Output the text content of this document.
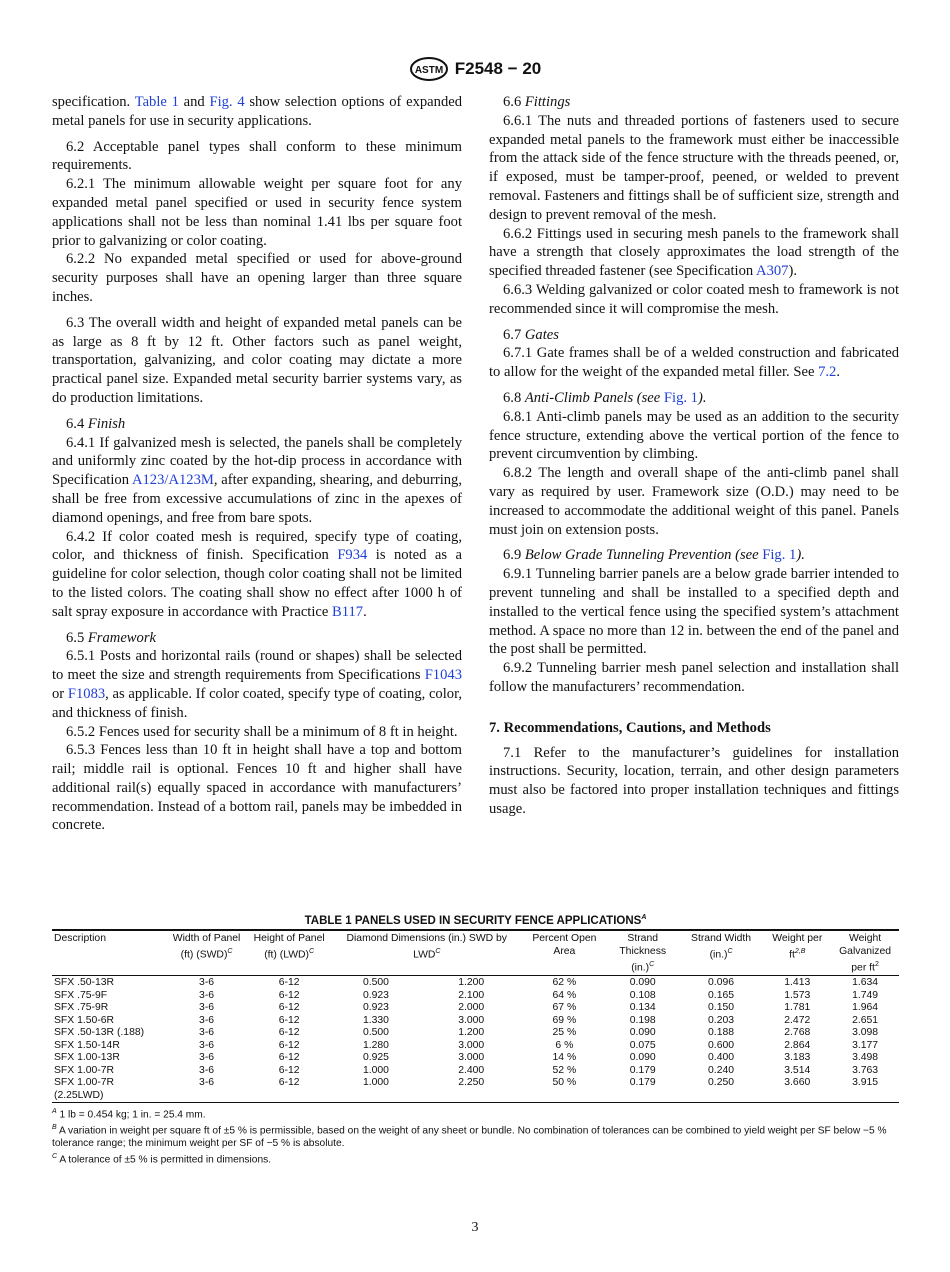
ASTM F2548 − 20

specification. Table 1 and Fig. 4 show selection options of expanded metal panels for use in security applications.

6.2 Acceptable panel types shall conform to these minimum requirements.

6.2.1 The minimum allowable weight per square foot for any expanded metal panel specified or used in security fence system applications shall not be less than nominal 1.41 lbs per square foot prior to galvanizing or color coating.

6.2.2 No expanded metal specified or used for above-ground security purposes shall have an opening larger than three square inches.

6.3 The overall width and height of expanded metal panels can be as large as 8 ft by 12 ft. Other factors such as panel weight, transportation, galvanizing, and color coating may dictate a more practical panel size. Expanded metal security barrier systems vary, as do production limitations.

6.4 Finish

6.4.1 If galvanized mesh is selected, the panels shall be completely and uniformly zinc coated by the hot-dip process in accordance with Specification A123/A123M, after expanding, shearing, and deburring, shall be free from excessive accumulations of zinc in the apexes of diamond openings, and free from bare spots.

6.4.2 If color coated mesh is required, specify type of coating, color, and thickness of finish. Specification F934 is noted as a guideline for color selection, though color coating shall not be limited to the listed colors. The coating shall show no effect after 1000 h of salt spray exposure in accordance with Practice B117.

6.5 Framework

6.5.1 Posts and horizontal rails (round or shapes) shall be selected to meet the size and strength requirements from Specifications F1043 or F1083, as applicable. If color coated, specify type of coating, color, and thickness of finish.

6.5.2 Fences used for security shall be a minimum of 8 ft in height.

6.5.3 Fences less than 10 ft in height shall have a top and bottom rail; middle rail is optional. Fences 10 ft and higher shall have additional rail(s) equally spaced in accordance with manufacturers’ recommendation. Instead of a bottom rail, panels may be imbedded in concrete.

6.6 Fittings

6.6.1 The nuts and threaded portions of fasteners used to secure expanded metal panels to the framework must either be inaccessible from the attack side of the fence structure with the threads peened, or, if exposed, must be tamper-proof, peened, or welded to prevent removal. Fasteners and fittings shall be of sufficient size, strength and design to prevent removal of the mesh.

6.6.2 Fittings used in securing mesh panels to the framework shall have a strength that closely approximates the load strength of the specified threaded fastener (see Specification A307).

6.6.3 Welding galvanized or color coated mesh to framework is not recommended since it will compromise the mesh.

6.7 Gates

6.7.1 Gate frames shall be of a welded construction and fabricated to allow for the weight of the expanded metal filler. See 7.2.

6.8 Anti-Climb Panels (see Fig. 1).

6.8.1 Anti-climb panels may be used as an addition to the security fence structure, extending above the vertical portion of the fence to prevent circumvention by climbing.

6.8.2 The length and overall shape of the anti-climb panel shall vary as required by user. Framework size (O.D.) may need to be increased to accommodate the additional weight of this panel. Panels must join on extension posts.

6.9 Below Grade Tunneling Prevention (see Fig. 1).

6.9.1 Tunneling barrier panels are a below grade barrier intended to prevent tunneling and shall be installed to a specified depth and installed to the vertical fence using the specified system’s attachment method. A space no more than 12 in. between the end of the panel and the post shall be permitted.

6.9.2 Tunneling barrier mesh panel selection and installation shall follow the manufacturers’ recommendation.

7. Recommendations, Cautions, and Methods

7.1 Refer to the manufacturer’s guidelines for installation instructions. Security, location, terrain, and other design parameters must also be factored into proper installation techniques and fittings usage.

TABLE 1 PANELS USED IN SECURITY FENCE $APPLICATIONS^A$
Description	Width of Panel (ft) (SWD)$^C$	Height of Panel (ft) (LWD)$^C$	Diamond Dimensions (in.) SWD by $LWD^C$		Percent Open Area	Strand Thickness $(in.)^C$	Strand Width $(in.)^C$	Weight per $ft^{2,B}$	Weight Galvanized per $ft^2$
SFX .50-13R	3-6	6-12	0.500	1.200	62 %	0.090	0.096	1.413	1.634
SFX .75-9F	3-6	6-12	0.923	2.100	64 %	0.108	0.165	1.573	1.749
SFX .75-9R	3-6	6-12	0.923	2.000	67 %	0.134	0.150	1.781	1.964
SFX 1.50-6R	3-6	6-12	1.330	3.000	69 %	0.198	0.203	2.472	2.651
SFX .50-13R (.188)	3-6	6-12	0.500	1.200	25 %	0.090	0.188	2.768	3.098
SFX 1.50-14R	3-6	6-12	1.280	3.000	6 %	0.075	0.600	2.864	3.177
SFX 1.00-13R	3-6	6-12	0.925	3.000	14 %	0.090	0.400	3.183	3.498
SFX 1.00-7R	3-6	6-12	1.000	2.400	52 %	0.179	0.240	3.514	3.763
SFX 1.00-7R	3-6	6-12	1.000	2.250	50 %	0.179	0.250	3.660	3.915
(2.25LWD)									
$^A$ 1 lb = 0.454 kg; 1 in. = 25.4 mm.
$^B$ A variation in weight per square ft of ±5 % is permissible, based on the weight of any sheet or bundle. No combination of tolerances can be combined to yield weight per SF below −5 % tolerance range; the minimum weight per SF of −5 % is absolute.
$^C$ A tolerance of ±5 % is permitted in dimensions.
3
